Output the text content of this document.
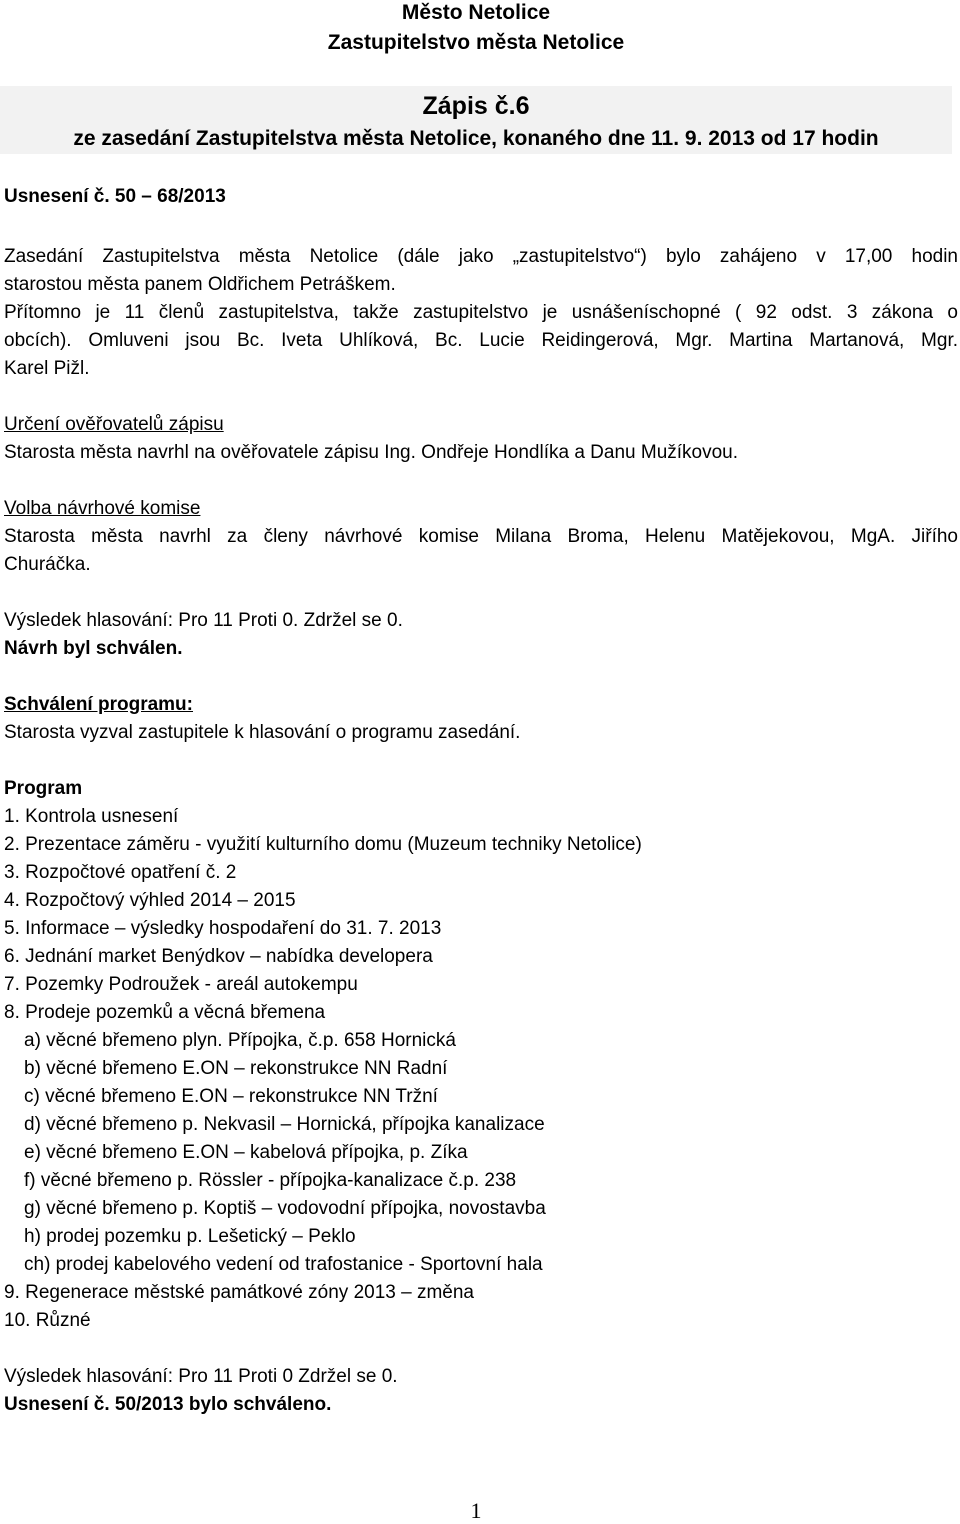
Město Netolice
Zastupitelstvo města Netolice
Zápis č.6
ze zasedání Zastupitelstva města Netolice, konaného dne 11. 9. 2013 od 17 hodin
Usnesení č. 50 – 68/2013
Zasedání Zastupitelstva města Netolice (dále jako „zastupitelstvo“) bylo zahájeno v 17,00 hodin
starostou města panem Oldřichem Petráškem.
Přítomno je 11 členů zastupitelstva, takže zastupitelstvo je usnášeníschopné ( 92 odst. 3 zákona o
obcích). Omluveni jsou Bc. Iveta Uhlíková, Bc. Lucie Reidingerová, Mgr. Martina Martanová, Mgr.
Karel Pižl.
Určení ověřovatelů zápisu
Starosta města navrhl na ověřovatele zápisu Ing. Ondřeje Hondlíka a Danu Mužíkovou.
Volba návrhové komise
Starosta města navrhl za členy návrhové komise Milana Broma, Helenu Matějekovou, MgA. Jiřího
Churáčka.
Výsledek hlasování: Pro 11 Proti 0. Zdržel se 0.
Návrh byl schválen.
Schválení programu:
Starosta vyzval zastupitele k hlasování o programu zasedání.
Program
1. Kontrola usnesení
2. Prezentace záměru - využití kulturního domu (Muzeum techniky Netolice)
3. Rozpočtové opatření č. 2
4. Rozpočtový výhled 2014 – 2015
5. Informace – výsledky hospodaření do 31. 7. 2013
6. Jednání market Benýdkov – nabídka developera
7. Pozemky Podroužek - areál autokempu
8. Prodeje pozemků a věcná břemena
a) věcné břemeno plyn. Přípojka, č.p. 658 Hornická
b) věcné břemeno E.ON – rekonstrukce NN Radní
c) věcné břemeno E.ON – rekonstrukce NN Tržní
d) věcné břemeno p. Nekvasil – Hornická, přípojka kanalizace
e) věcné břemeno E.ON – kabelová přípojka, p. Zíka
f) věcné břemeno p. Rössler - přípojka-kanalizace č.p. 238
g) věcné břemeno p. Koptiš – vodovodní přípojka, novostavba
h) prodej pozemku p. Lešetický – Peklo
ch) prodej kabelového vedení od trafostanice - Sportovní hala
9. Regenerace městské památkové zóny 2013 – změna
10. Různé
Výsledek hlasování: Pro 11 Proti 0 Zdržel se 0.
Usnesení č. 50/2013 bylo schváleno.
1
